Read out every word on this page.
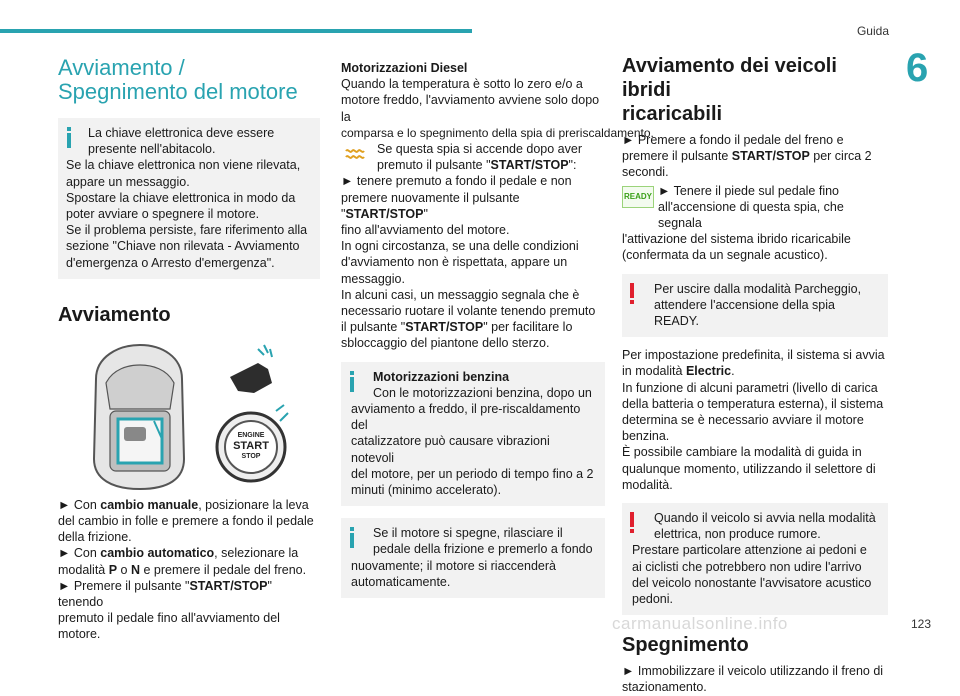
Guida
6
Avviamento /
Spegnimento del motore
La chiave elettronica deve essere
presente nell'abitacolo.
Se la chiave elettronica non viene rilevata,
appare un messaggio.
Spostare la chiave elettronica in modo da
poter avviare o spegnere il motore.
Se il problema persiste, fare riferimento alla
sezione "Chiave non rilevata - Avviamento
d'emergenza o Arresto d'emergenza".
Avviamento
ENGINE
START
STOP
► Con cambio manuale, posizionare la leva
del cambio in folle e premere a fondo il pedale
della frizione.
► Con cambio automatico, selezionare la
modalità P o N e premere il pedale del freno.
► Premere il pulsante "START/STOP" tenendo
premuto il pedale fino all'avviamento del motore.
Motorizzazioni Diesel
Quando la temperatura è sotto lo zero e/o a
motore freddo, l'avviamento avviene solo dopo la
comparsa e lo spegnimento della spia di preriscaldamento.
Se questa spia si accende dopo aver
premuto il pulsante "START/STOP":
► tenere premuto a fondo il pedale e non
premere nuovamente il pulsante "START/STOP"
fino all'avviamento del motore.
In ogni circostanza, se una delle condizioni
d'avviamento non è rispettata, appare un
messaggio.
In alcuni casi, un messaggio segnala che è
necessario ruotare il volante tenendo premuto
il pulsante "START/STOP" per facilitare lo
sbloccaggio del piantone dello sterzo.
Motorizzazioni benzina
Con le motorizzazioni benzina, dopo un
avviamento a freddo, il pre-riscaldamento del
catalizzatore può causare vibrazioni notevoli
del motore, per un periodo di tempo fino a 2
minuti (minimo accelerato).
Se il motore si spegne, rilasciare il
pedale della frizione e premerlo a fondo
nuovamente; il motore si riaccenderà
automaticamente.
Avviamento dei veicoli ibridi
ricaricabili
► Premere a fondo il pedale del freno e
premere il pulsante START/STOP per circa 2
secondi.
READY ► Tenere il piede sul pedale fino
all'accensione di questa spia, che segnala
l'attivazione del sistema ibrido ricaricabile
(confermata da un segnale acustico).
Per uscire dalla modalità Parcheggio,
attendere l'accensione della spia READY.
Per impostazione predefinita, il sistema si avvia
in modalità Electric.
In funzione di alcuni parametri (livello di carica
della batteria o temperatura esterna), il sistema
determina se è necessario avviare il motore
benzina.
È possibile cambiare la modalità di guida in
qualunque momento, utilizzando il selettore di
modalità.
Quando il veicolo si avvia nella modalità
elettrica, non produce rumore.
Prestare particolare attenzione ai pedoni e
ai ciclisti che potrebbero non udire l'arrivo
del veicolo nonostante l'avvisatore acustico
pedoni.
Spegnimento
► Immobilizzare il veicolo utilizzando il freno di
stazionamento.
carmanualsonline.info	123
